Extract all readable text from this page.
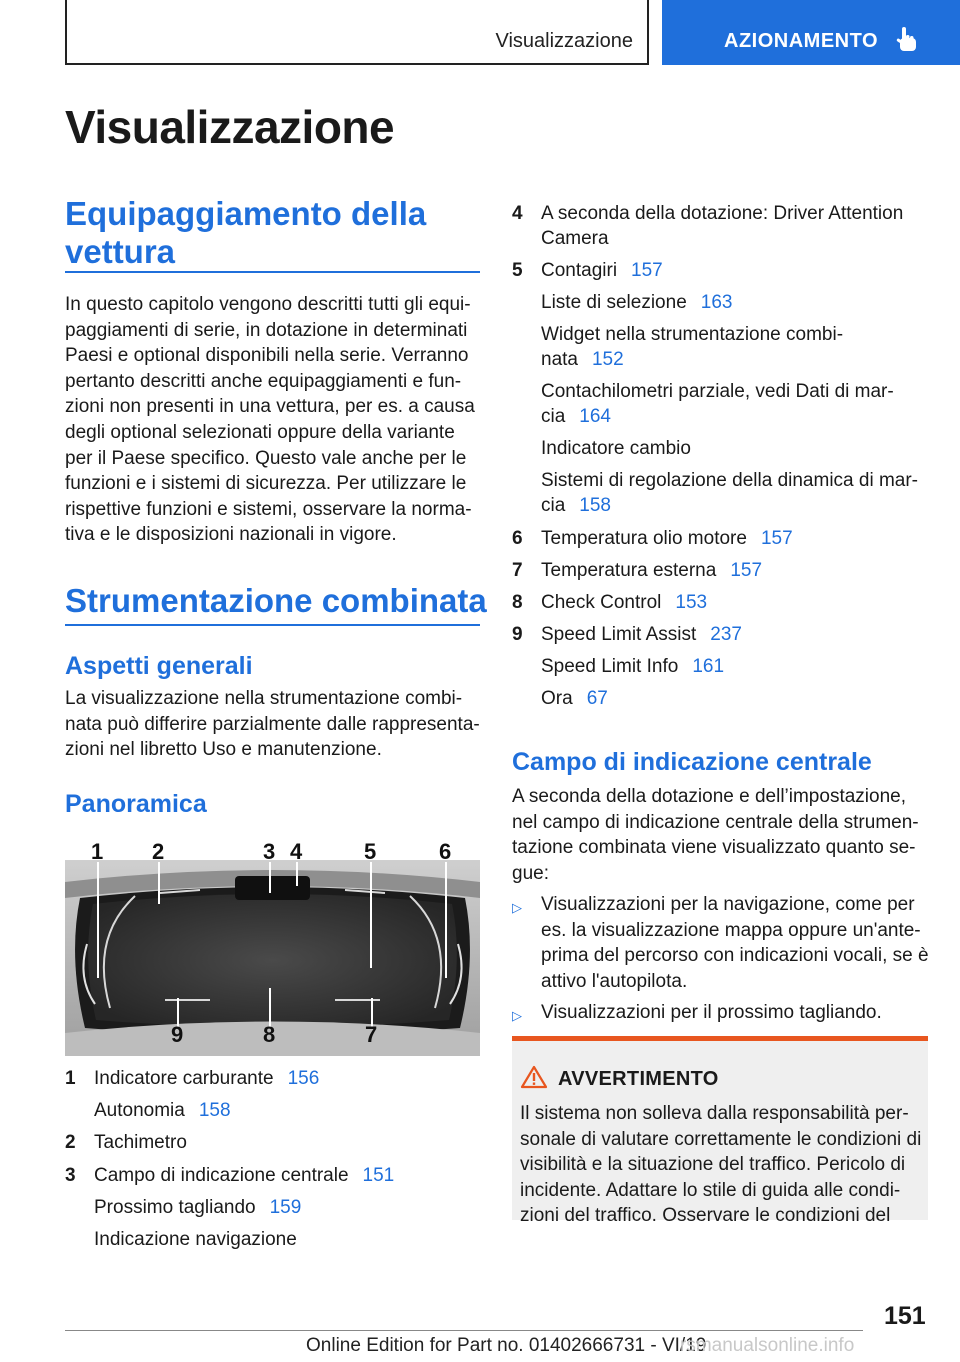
Visualizzazione	AZIONAMENTO
Visualizzazione
Equipaggiamento della
vettura
In questo capitolo vengono descritti tutti gli equi-
paggiamenti di serie, in dotazione in determinati
Paesi e optional disponibili nella serie. Verranno
pertanto descritti anche equipaggiamenti e fun-
zioni non presenti in una vettura, per es. a causa
degli optional selezionati oppure della variante
per il Paese specifico. Questo vale anche per le
funzioni e i sistemi di sicurezza. Per utilizzare le
rispettive funzioni e sistemi, osservare la norma-
tiva e le disposizioni nazionali in vigore.
Strumentazione combinata
Aspetti generali
La visualizzazione nella strumentazione combi-
nata può differire parzialmente dalle rappresenta-
zioni nel libretto Uso e manutenzione.
Panoramica
1 2	3 4	5	6
9	8	7
1 Indicatore carburante 156
Autonomia 158
2 Tachimetro
3 Campo di indicazione centrale 151
Prossimo tagliando 159
Indicazione navigazione
4 A seconda della dotazione: Driver Attention
Camera
5 Contagiri 157
Liste di selezione 163
Widget nella strumentazione combi-
nata 152
Contachilometri parziale, vedi Dati di mar-
cia 164
Indicatore cambio
Sistemi di regolazione della dinamica di mar-
cia 158
6 Temperatura olio motore 157
7 Temperatura esterna 157
8 Check Control 153
9 Speed Limit Assist 237
Speed Limit Info 161
Ora 67
Campo di indicazione centrale
A seconda della dotazione e dell’impostazione,
nel campo di indicazione centrale della strumen-
tazione combinata viene visualizzato quanto se-
gue:
▷ Visualizzazioni per la navigazione, come per
es. la visualizzazione mappa oppure un'ante-
prima del percorso con indicazioni vocali, se è
attivo l'autopilota.
▷ Visualizzazioni per il prossimo tagliando.
AVVERTIMENTO
Il sistema non solleva dalla responsabilità per-
sonale di valutare correttamente le condizioni di
visibilità e la situazione del traffico. Pericolo di
incidente. Adattare lo stile di guida alle condi-
zioni del traffico. Osservare le condizioni del
151
Online Edition for Part no. 01402666731 - VI/19
rsmanualsonline.info
